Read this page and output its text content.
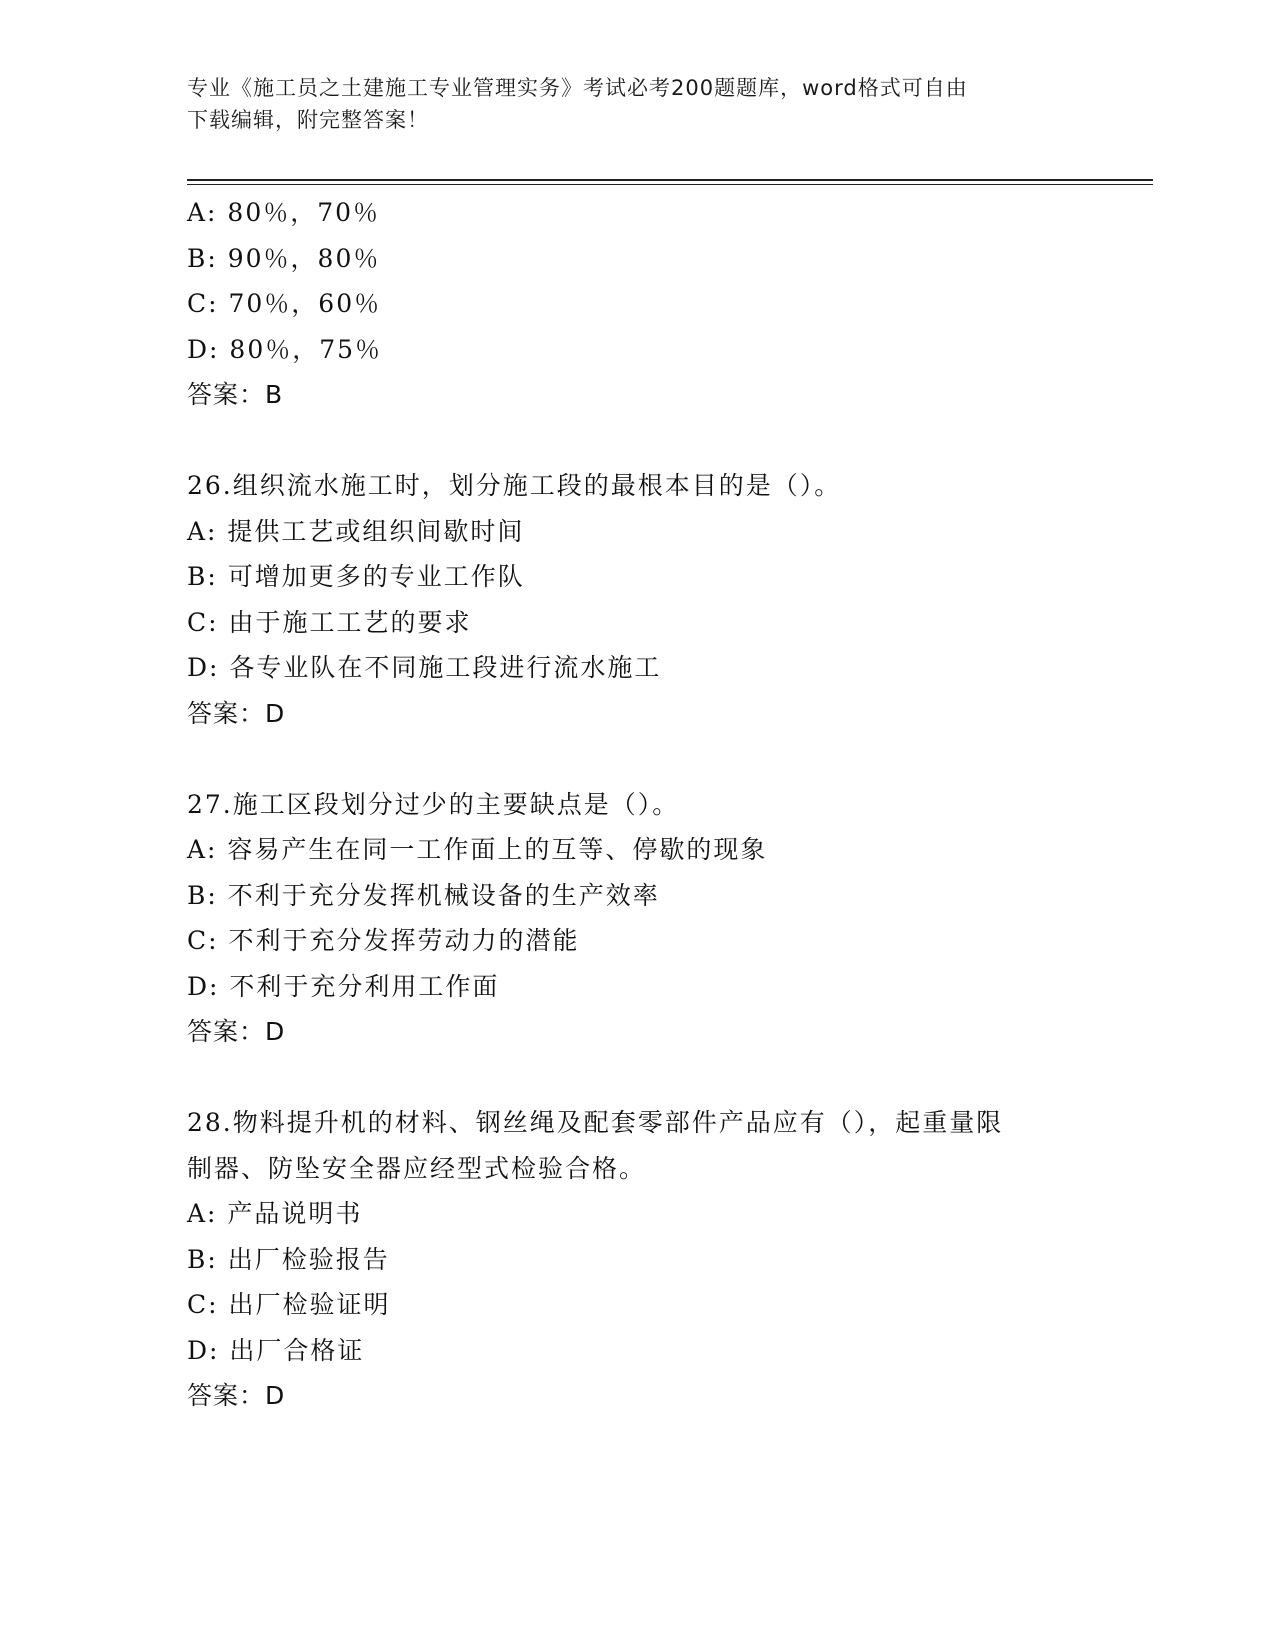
专业《施工员之土建施工专业管理实务》考试必考200题题库，word格式可自由
下载编辑，附完整答案！
A: 80％，70％
B: 90％，80％
C: 70％，60％
D: 80％，75％
答案：B
26.组织流水施工时，划分施工段的最根本目的是（）。
A: 提供工艺或组织间歇时间
B: 可增加更多的专业工作队
C: 由于施工工艺的要求
D: 各专业队在不同施工段进行流水施工
答案：D
27.施工区段划分过少的主要缺点是（）。
A: 容易产生在同一工作面上的互等、停歇的现象
B: 不利于充分发挥机械设备的生产效率
C: 不利于充分发挥劳动力的潜能
D: 不利于充分利用工作面
答案：D
28.物料提升机的材料、钢丝绳及配套零部件产品应有（），起重量限
制器、防坠安全器应经型式检验合格。
A: 产品说明书
B: 出厂检验报告
C: 出厂检验证明
D: 出厂合格证
答案：D
